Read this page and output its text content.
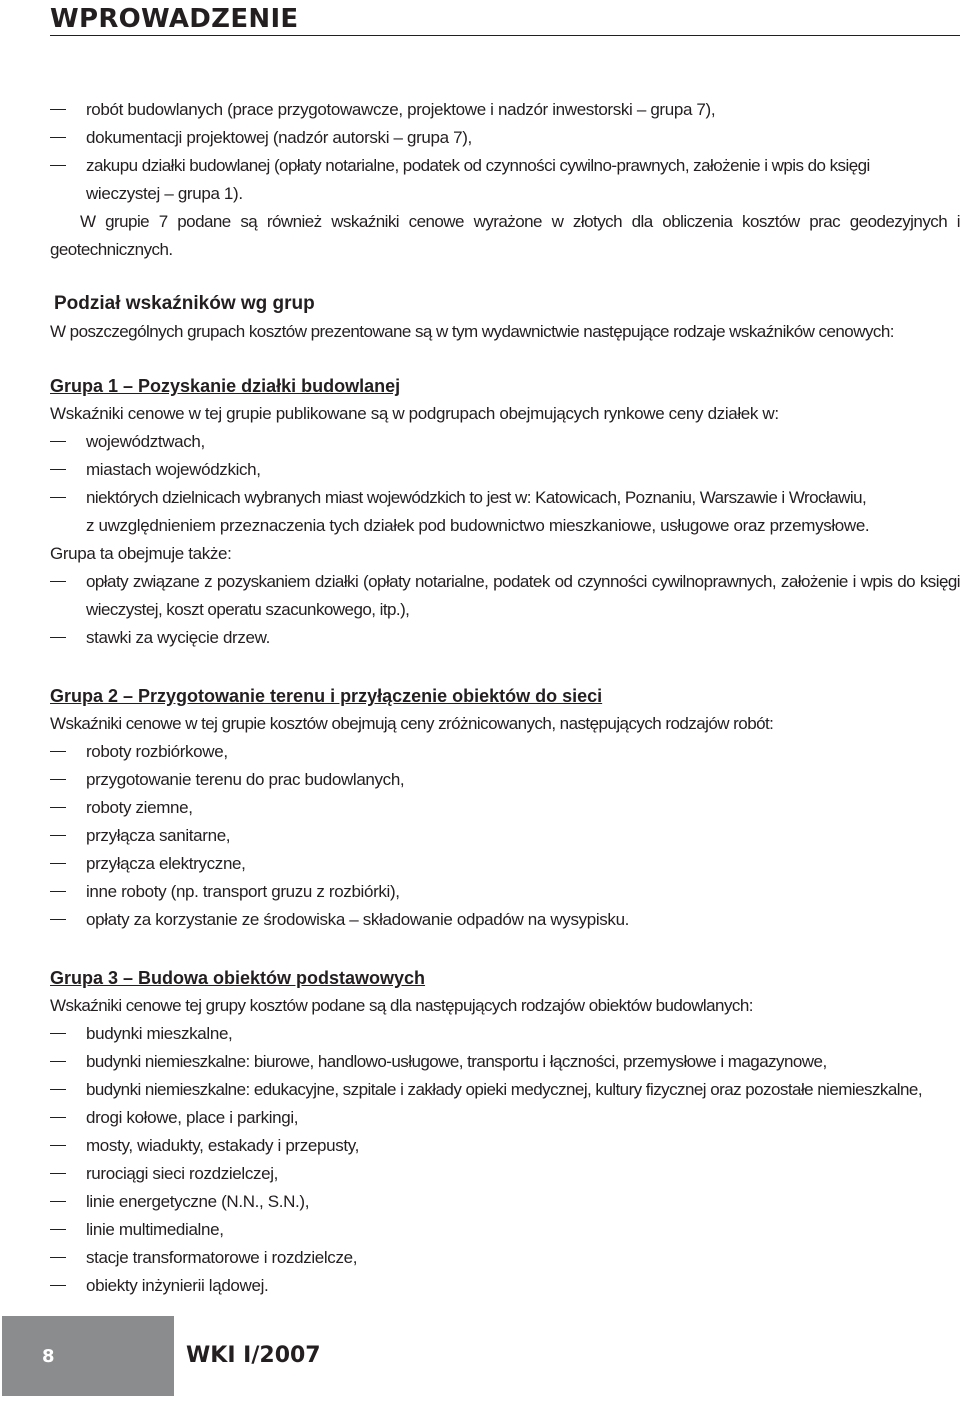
WPROWADZENIE
robót budowlanych (prace przygotowawcze, projektowe i nadzór inwestorski – grupa 7),
dokumentacji projektowej (nadzór autorski – grupa 7),
zakupu działki budowlanej (opłaty notarialne, podatek od czynności cywilno-prawnych, założenie i wpis do księgi
wieczystej – grupa 1).

W grupie 7 podane są również wskaźniki cenowe wyrażone w złotych dla obliczenia kosztów prac geodezyjnych i geotechnicznych.

Podział wskaźników wg grup

W poszczególnych grupach kosztów prezentowane są w tym wydawnictwie następujące rodzaje wskaźników cenowych:

Grupa 1 – Pozyskanie działki budowlanej

Wskaźniki cenowe w tej grupie publikowane są w podgrupach obejmujących rynkowe ceny działek w:

województwach,
miastach wojewódzkich,
niektórych dzielnicach wybranych miast wojewódzkich to jest w: Katowicach, Poznaniu, Warszawie i Wrocławiu,
z uwzględnieniem przeznaczenia tych działek pod budownictwo mieszkaniowe, usługowe oraz przemysłowe.

Grupa ta obejmuje także:

opłaty związane z pozyskaniem działki (opłaty notarialne, podatek od czynności cywilnoprawnych, założenie i wpis do księgi wieczystej, koszt operatu szacunkowego, itp.),
stawki za wycięcie drzew.
Grupa 2 – Przygotowanie terenu i przyłączenie obiektów do sieci

Wskaźniki cenowe w tej grupie kosztów obejmują ceny zróżnicowanych, następujących rodzajów robót:

roboty rozbiórkowe,
przygotowanie terenu do prac budowlanych,
roboty ziemne,
przyłącza sanitarne,
przyłącza elektryczne,
inne roboty (np. transport gruzu z rozbiórki),
opłaty za korzystanie ze środowiska – składowanie odpadów na wysypisku.
Grupa 3 – Budowa obiektów podstawowych

Wskaźniki cenowe tej grupy kosztów podane są dla następujących rodzajów obiektów budowlanych:

budynki mieszkalne,
budynki niemieszkalne: biurowe, handlowo-usługowe, transportu i łączności, przemysłowe i magazynowe,
budynki niemieszkalne: edukacyjne, szpitale i zakłady opieki medycznej, kultury fizycznej oraz pozostałe niemieszkalne,
drogi kołowe, place i parkingi,
mosty, wiadukty, estakady i przepusty,
rurociągi sieci rozdzielczej,
linie energetyczne (N.N., S.N.),
linie multimedialne,
stacje transformatorowe i rozdzielcze,
obiekty inżynierii lądowej.
8	WKI I/2007
